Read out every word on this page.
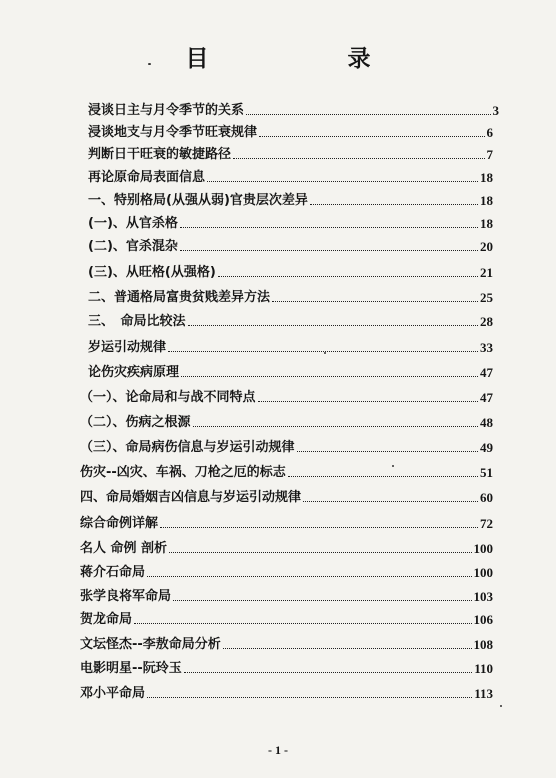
目　录
浸谈日主与月令季节的关系	3
浸谈地支与月令季节旺衰规律	6
判断日干旺衰的敏捷路径	7
再论原命局表面信息	18
一、特别格局(从强从弱)官贵层次差异	18
(一)、从官杀格	18
(二)、官杀混杂	20
(三)、从旺格(从强格)	21
二、普通格局富贵贫贱差异方法	25
三、　命局比较法	28
岁运引动规律	33
论伤灾疾病原理	47
（一）、论命局和与战不同特点	47
（二）、伤病之根源	48
（三）、命局病伤信息与岁运引动规律	49
伤灾--凶灾、车祸、刀枪之厄的标志	51
四、命局婚姻吉凶信息与岁运引动规律	60
综合命例详解	72
名人 命例 剖析	100
蒋介石命局	100
张学良将军命局	103
贺龙命局	106
文坛怪杰--李敖命局分析	108
电影明星--阮玲玉	110
邓小平命局	113
- 1 -
